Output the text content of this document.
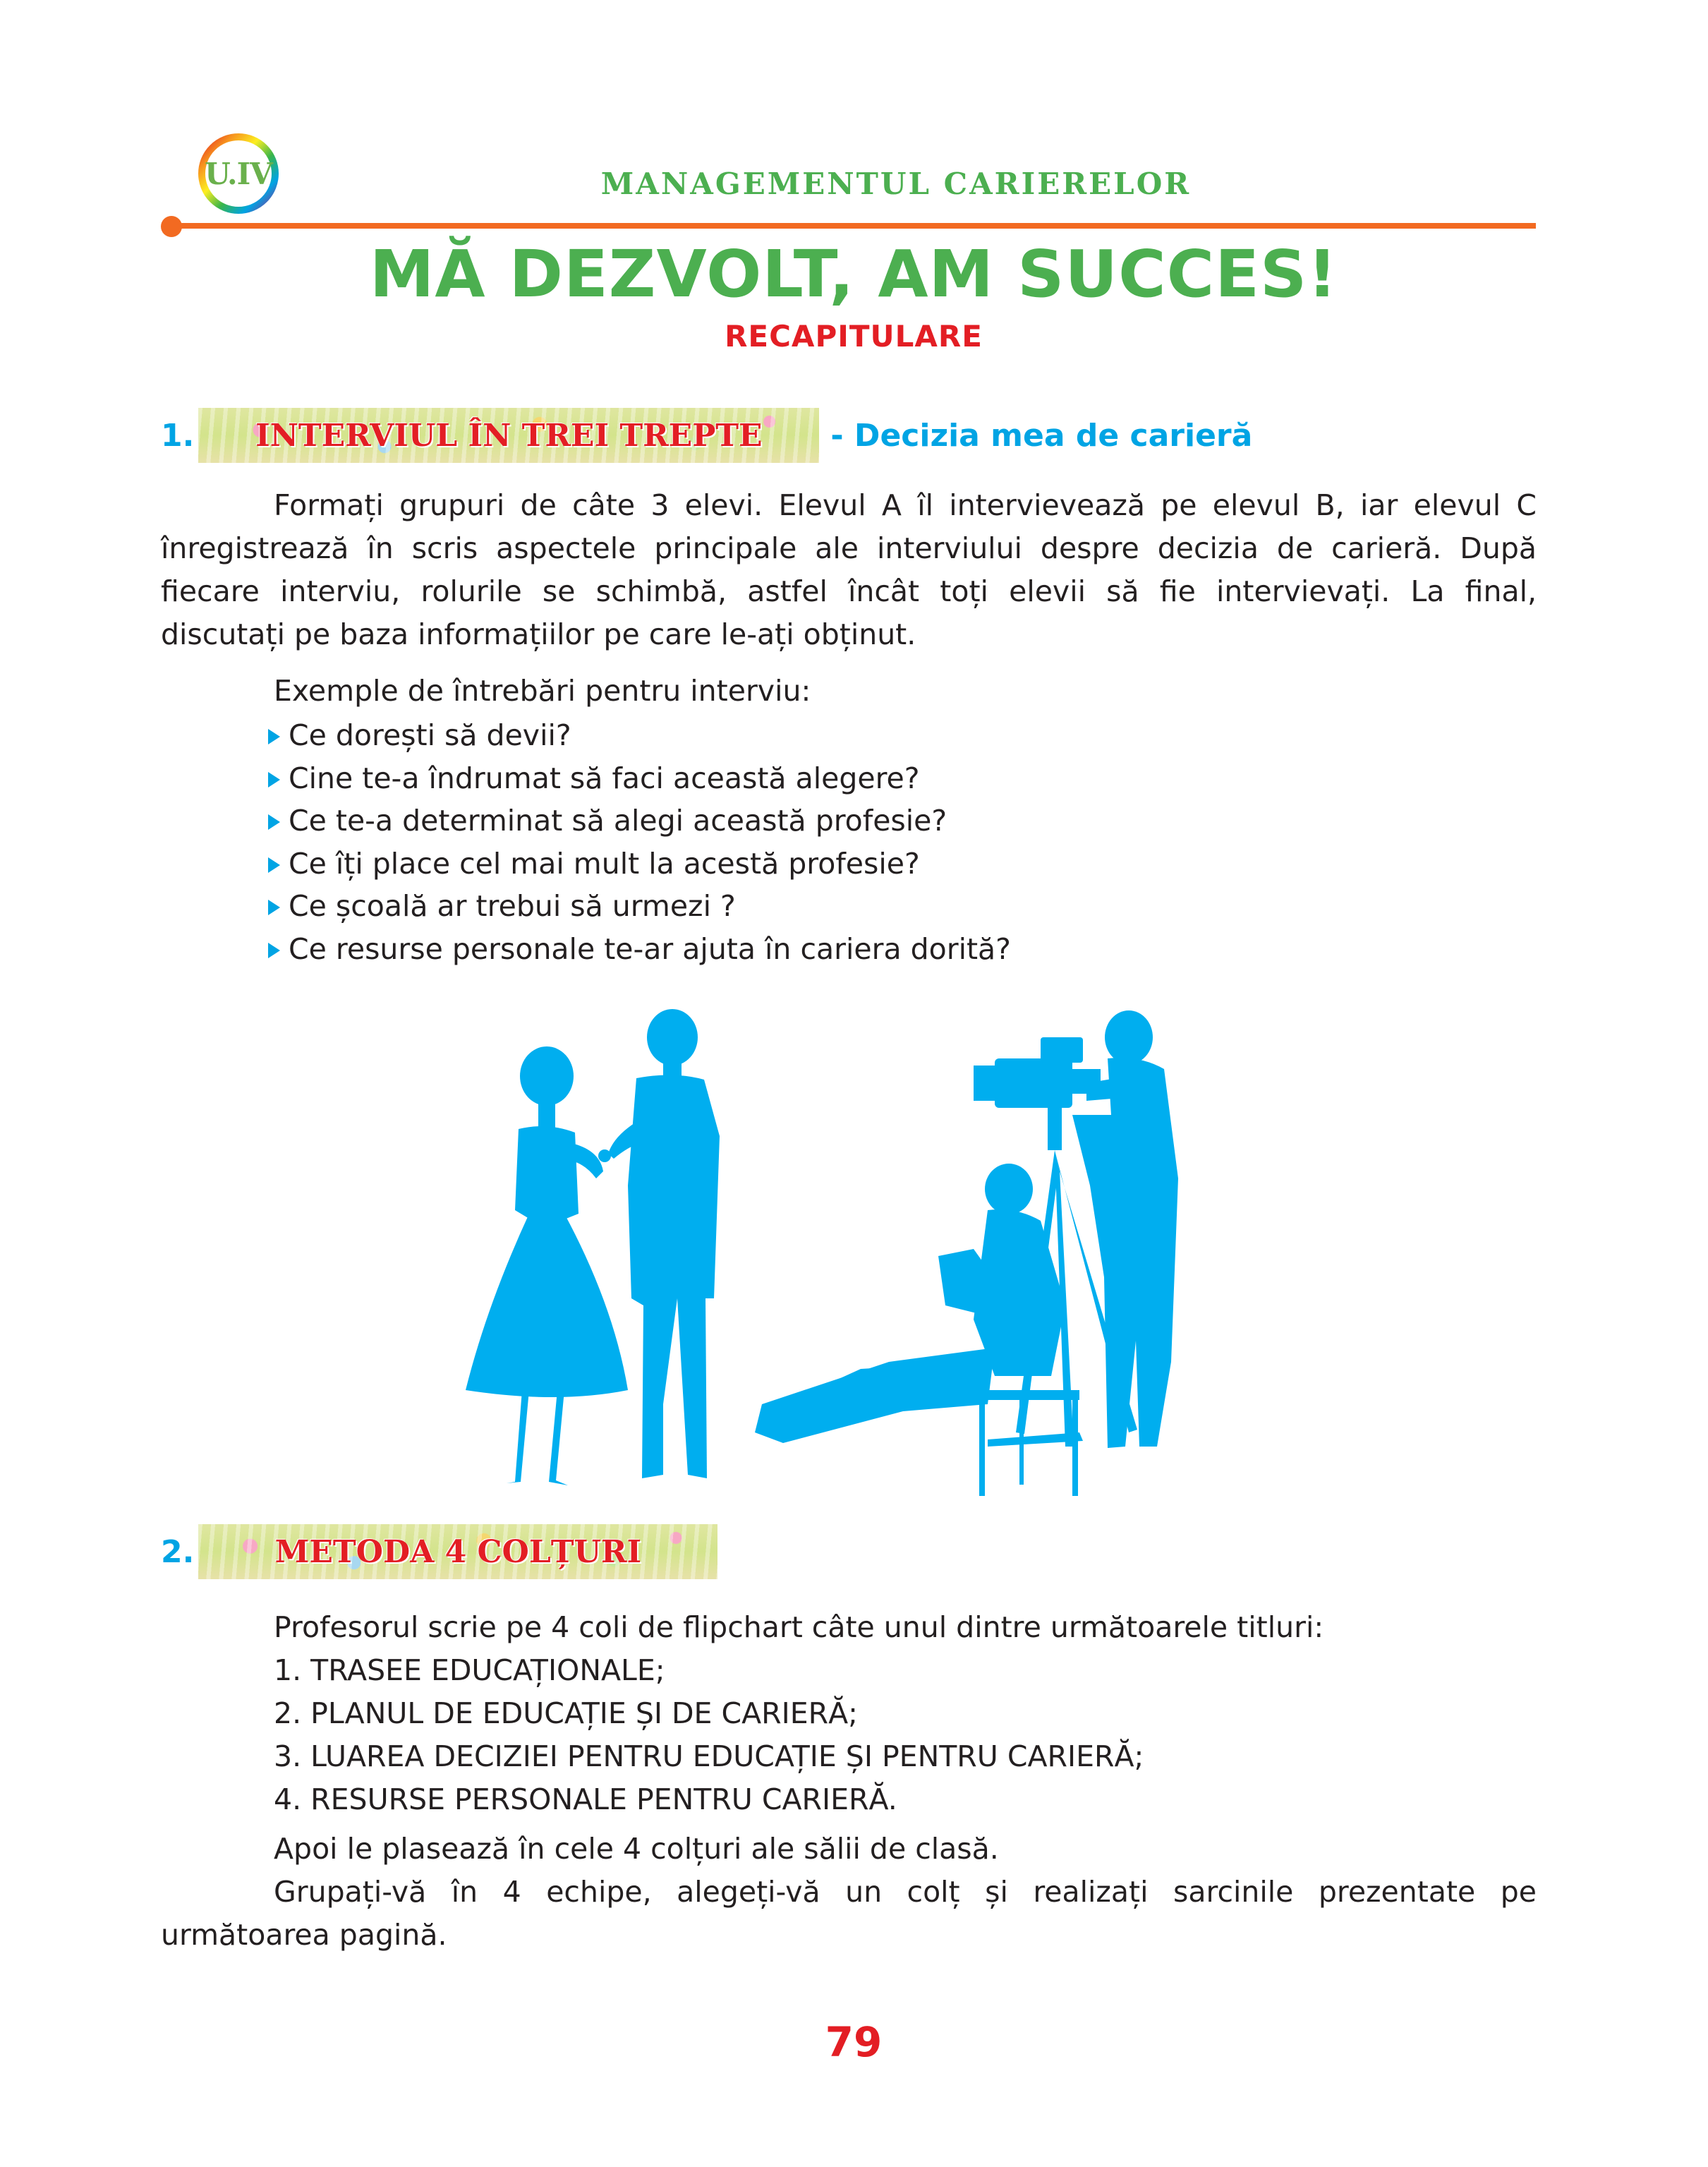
U.IV	MANAGEMENTUL CARIERELOR
MĂ DEZVOLT, AM SUCCES!
RECAPITULARE
1. INTERVIUL ÎN TREI TREPTE - Decizia mea de carieră
Formați grupuri de câte 3 elevi. Elevul A îl intervievează pe elevul B, iar elevul C
înregistrează în scris aspectele principale ale interviului despre decizia de carieră. După
fiecare interviu, rolurile se schimbă, astfel încât toți elevii să fie intervievați. La final,
discutați pe baza informațiilor pe care le-ați obținut.
Exemple de întrebări pentru interviu:
Ce dorești să devii?
Cine te-a îndrumat să faci această alegere?
Ce te-a determinat să alegi această profesie?
Ce îți place cel mai mult la acestă profesie?
Ce școală ar trebui să urmezi ?
Ce resurse personale te-ar ajuta în cariera dorită?
2.	METODA 4 COLȚURI
Profesorul scrie pe 4 coli de flipchart câte unul dintre următoarele titluri:
1. TRASEE EDUCAȚIONALE;
2. PLANUL DE EDUCAȚIE ȘI DE CARIERĂ;
3. LUAREA DECIZIEI PENTRU EDUCAȚIE ȘI PENTRU CARIERĂ;
4. RESURSE PERSONALE PENTRU CARIERĂ.
Apoi le plasează în cele 4 colțuri ale sălii de clasă.
Grupați-vă în 4 echipe, alegeți-vă un colț și realizați sarcinile prezentate pe
următoarea pagină.
79
